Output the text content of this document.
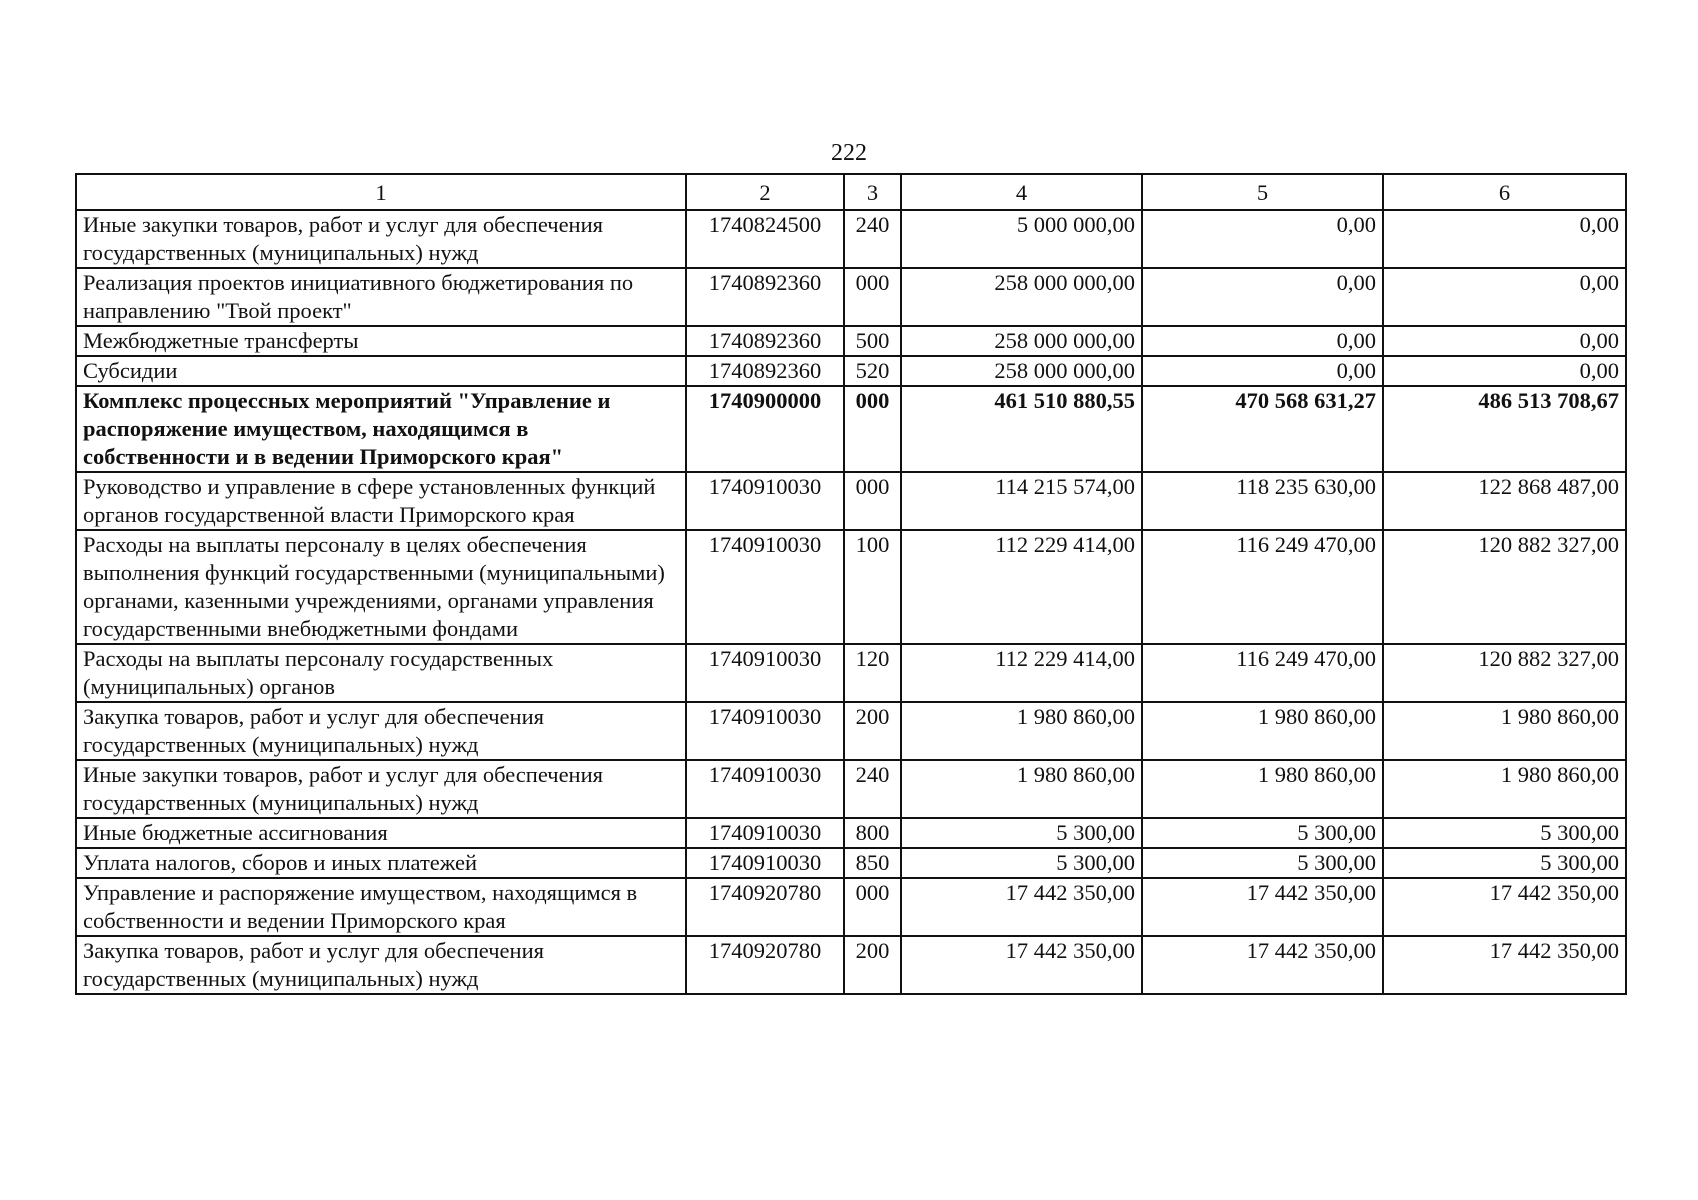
222
1	2	3	4	5	6
Иные закупки товаров, работ и услуг для обеспечения государственных (муниципальных) нужд	1740824500	240	5 000 000,00	0,00	0,00
Реализация проектов инициативного бюджетирования по направлению "Твой проект"	1740892360	000	258 000 000,00	0,00	0,00
Межбюджетные трансферты	1740892360	500	258 000 000,00	0,00	0,00
Субсидии	1740892360	520	258 000 000,00	0,00	0,00
Комплекс процессных мероприятий "Управление и распоряжение имуществом, находящимся в собственности и в ведении Приморского края"	1740900000	000	461 510 880,55	470 568 631,27	486 513 708,67
Руководство и управление в сфере установленных функций органов государственной власти Приморского края	1740910030	000	114 215 574,00	118 235 630,00	122 868 487,00
Расходы на выплаты персоналу в целях обеспечения выполнения функций государственными (муниципальными) органами, казенными учреждениями, органами управления государственными внебюджетными фондами	1740910030	100	112 229 414,00	116 249 470,00	120 882 327,00
Расходы на выплаты персоналу государственных (муниципальных) органов	1740910030	120	112 229 414,00	116 249 470,00	120 882 327,00
Закупка товаров, работ и услуг для обеспечения государственных (муниципальных) нужд	1740910030	200	1 980 860,00	1 980 860,00	1 980 860,00
Иные закупки товаров, работ и услуг для обеспечения государственных (муниципальных) нужд	1740910030	240	1 980 860,00	1 980 860,00	1 980 860,00
Иные бюджетные ассигнования	1740910030	800	5 300,00	5 300,00	5 300,00
Уплата налогов, сборов и иных платежей	1740910030	850	5 300,00	5 300,00	5 300,00
Управление и распоряжение имуществом, находящимся в собственности и ведении Приморского края	1740920780	000	17 442 350,00	17 442 350,00	17 442 350,00
Закупка товаров, работ и услуг для обеспечения государственных (муниципальных) нужд	1740920780	200	17 442 350,00	17 442 350,00	17 442 350,00
